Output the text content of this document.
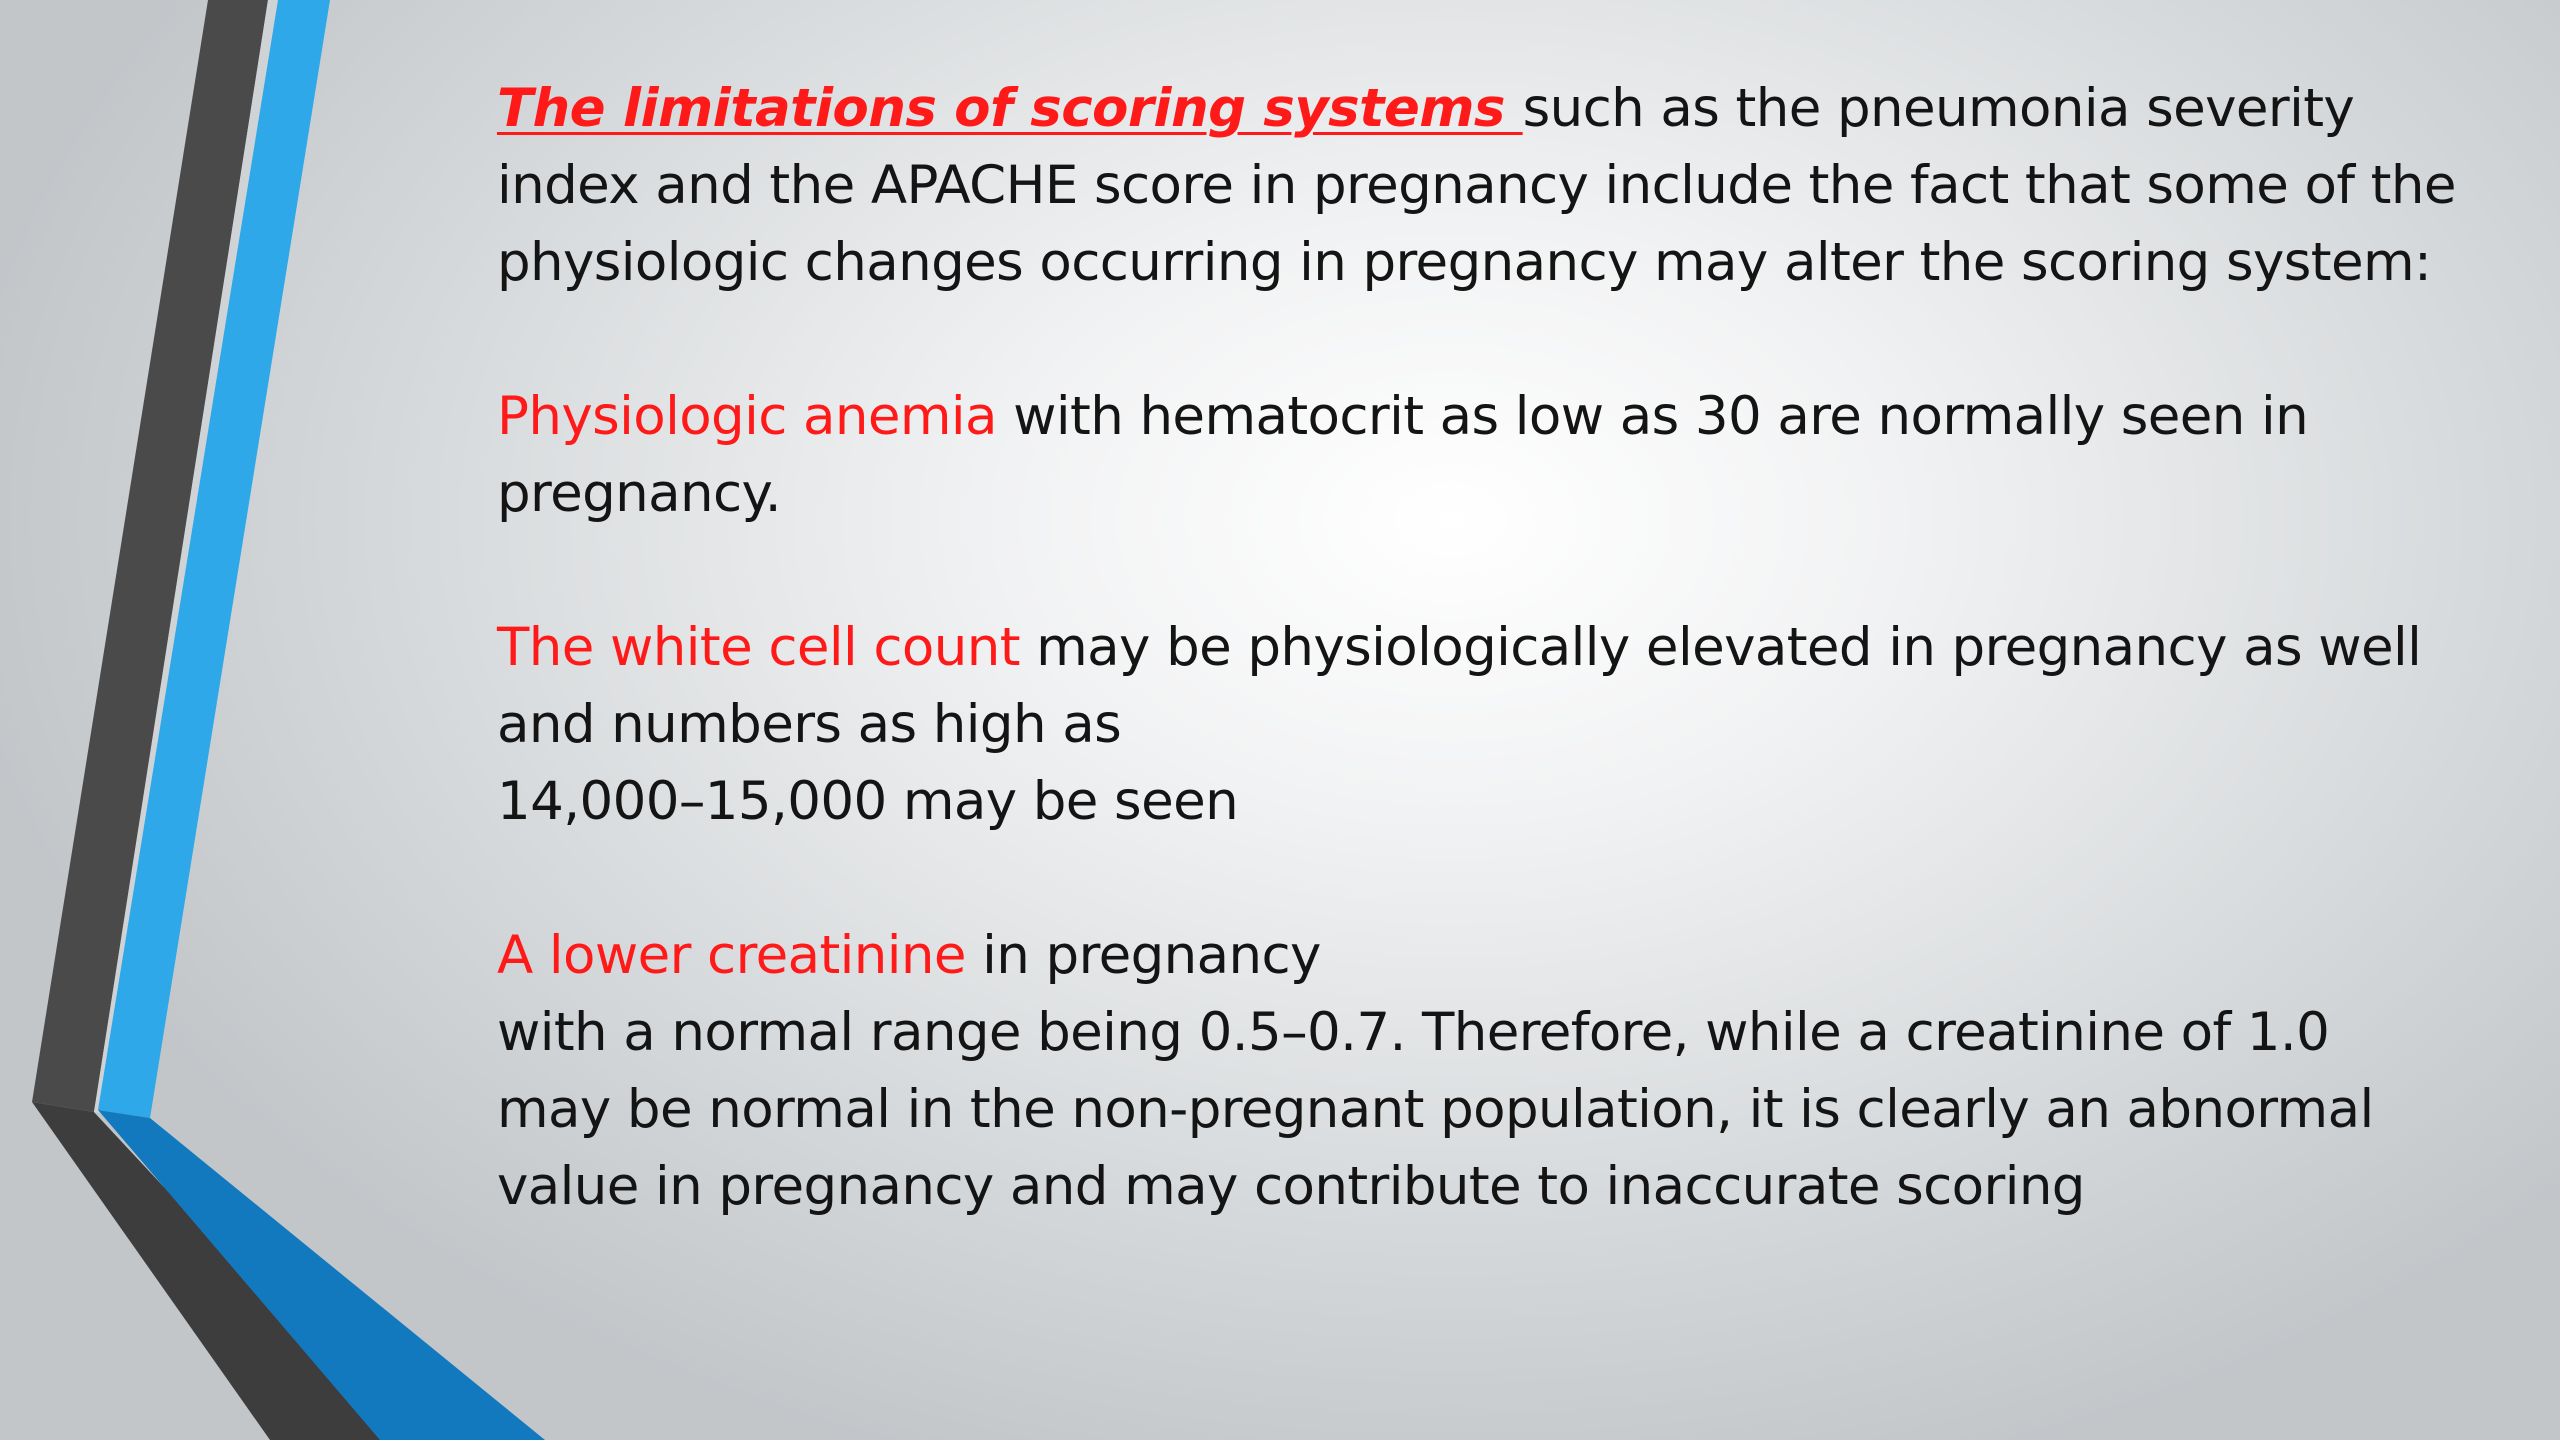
The limitations of scoring systems such as the pneumonia severity index and the APACHE score in pregnancy include the fact that some of the physiologic changes occurring in pregnancy may alter the scoring system:

Physiologic anemia with hematocrit as low as 30 are normally seen in pregnancy.

The white cell count may be physiologically elevated in pregnancy as well and numbers as high as
14,000–15,000 may be seen

A lower creatinine in pregnancy
with a normal range being 0.5–0.7. Therefore, while a creatinine of 1.0 may be normal in the non-pregnant population, it is clearly an abnormal value in pregnancy and may contribute to inaccurate scoring
